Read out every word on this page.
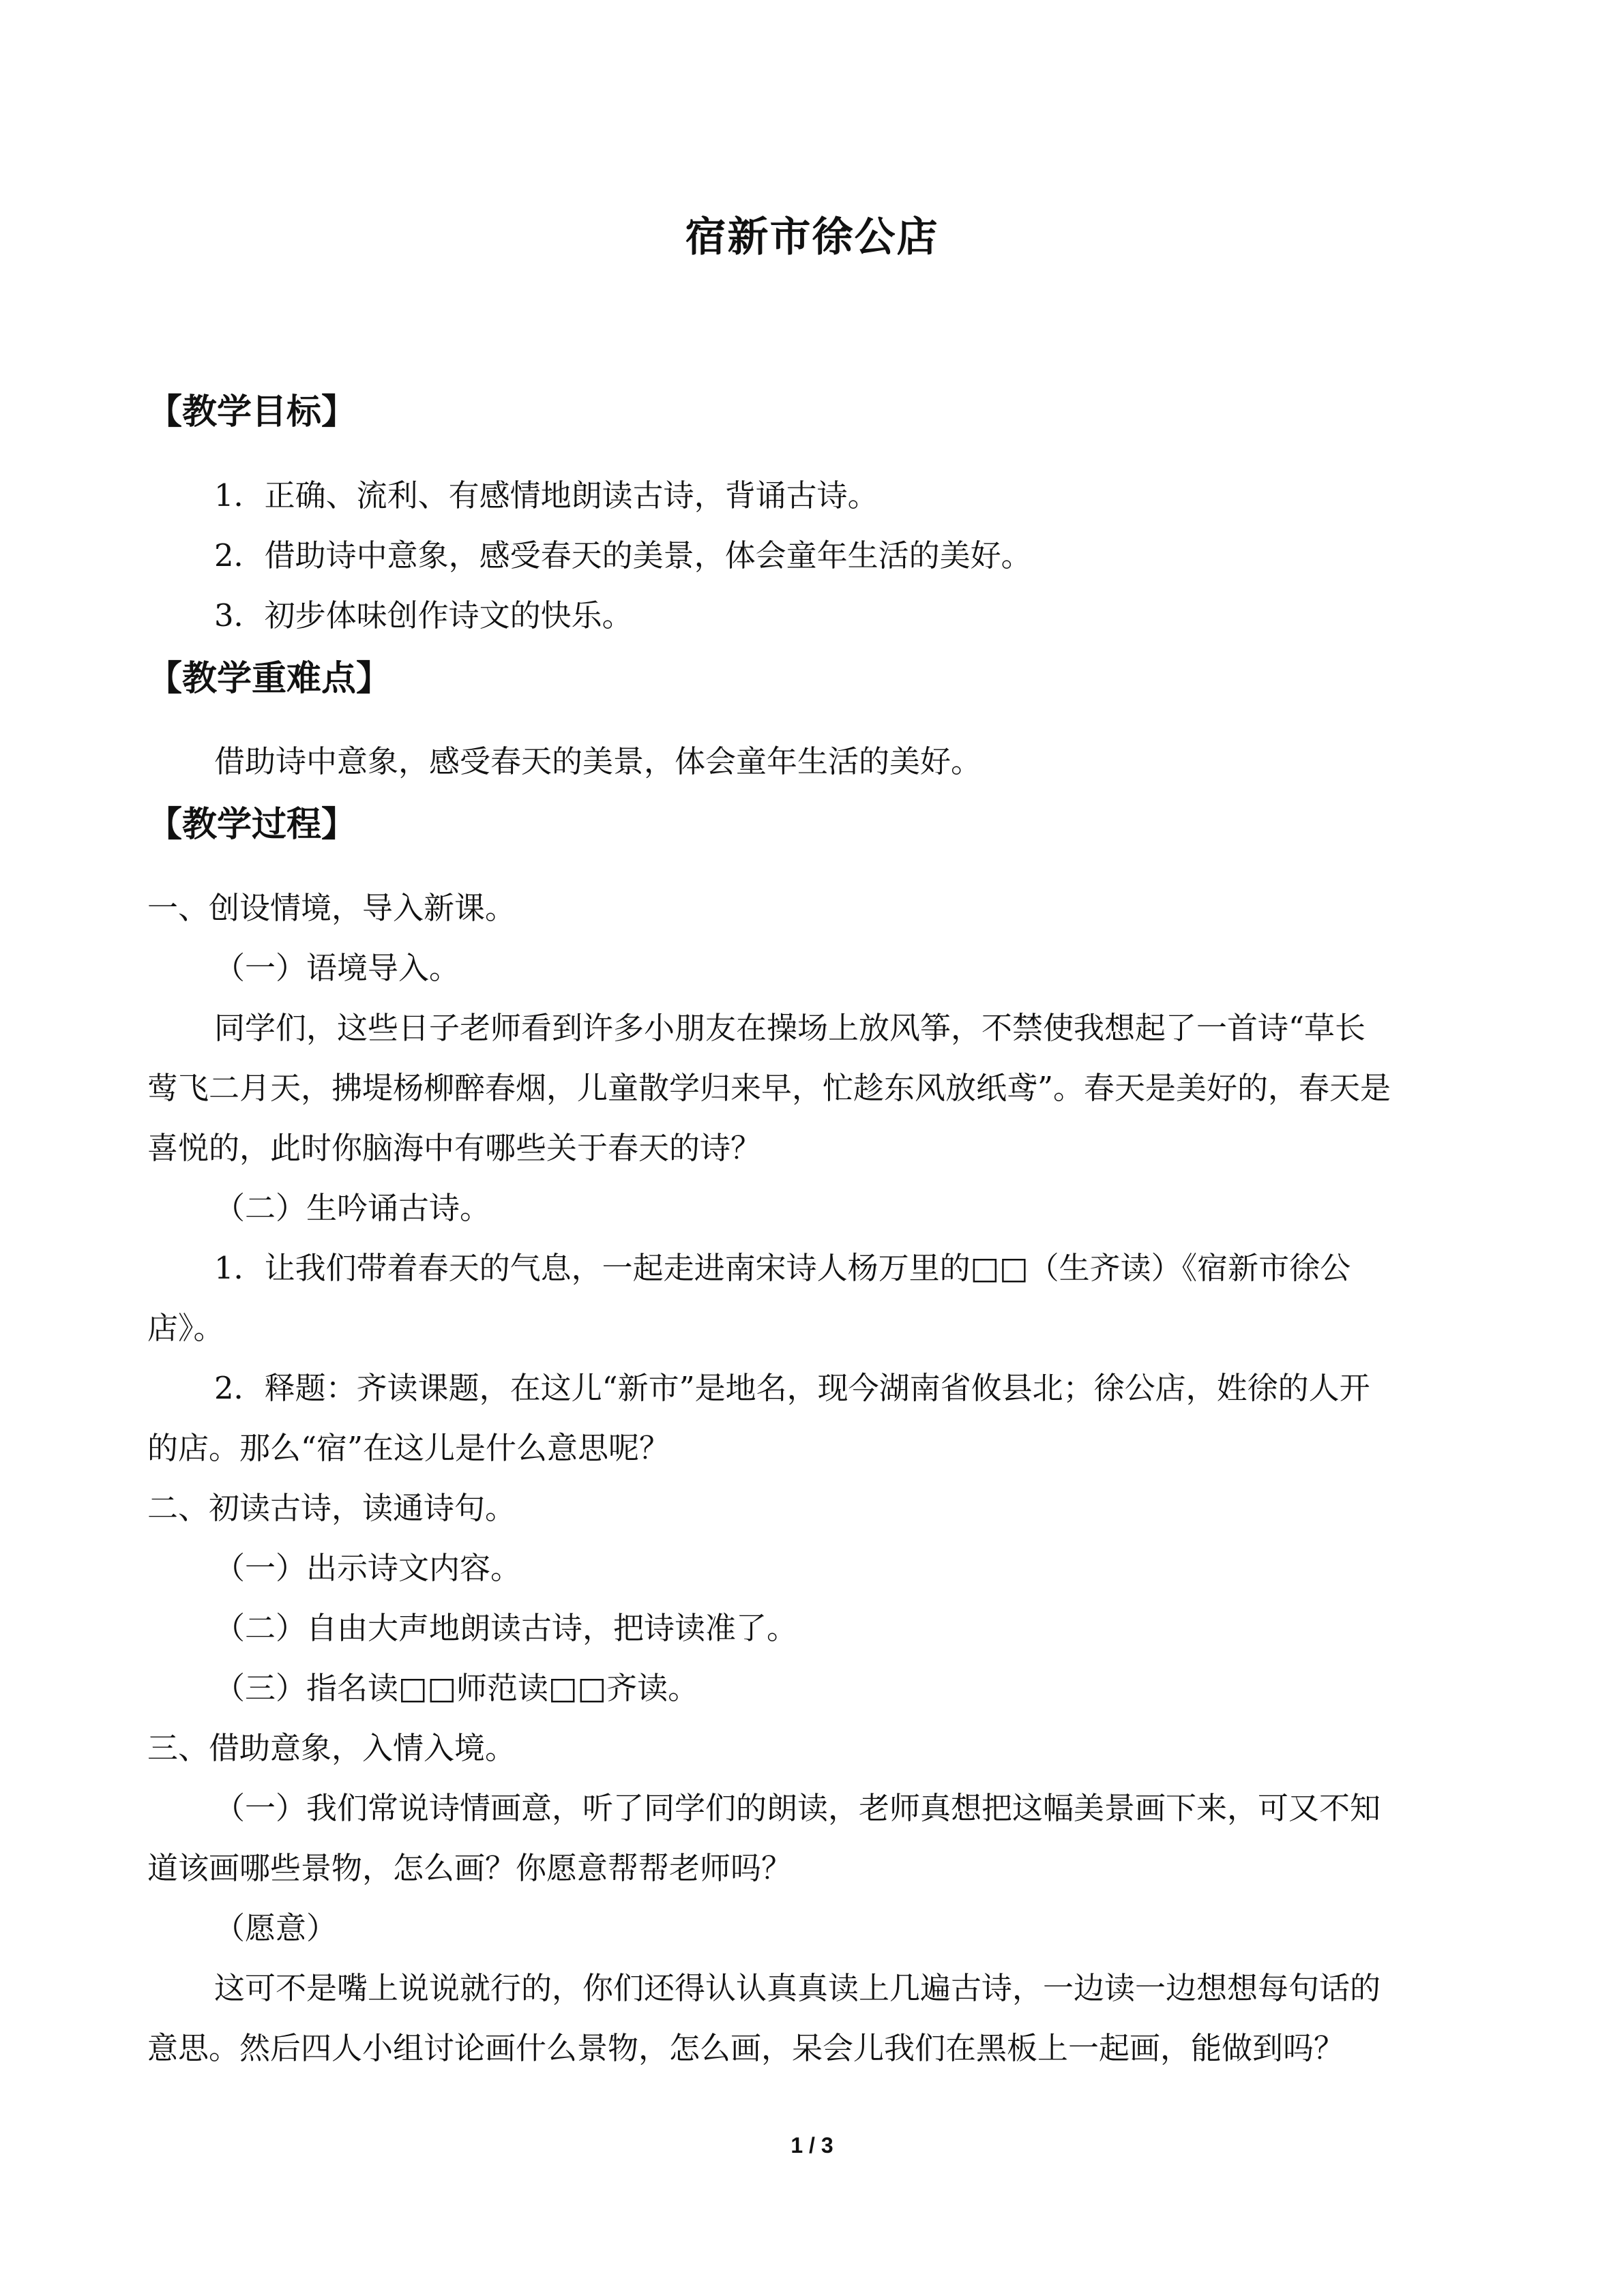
宿新市徐公店
【教学目标】
1．正确、流利、有感情地朗读古诗，背诵古诗。
2．借助诗中意象，感受春天的美景，体会童年生活的美好。
3．初步体味创作诗文的快乐。
【教学重难点】
借助诗中意象，感受春天的美景，体会童年生活的美好。
【教学过程】
一、创设情境，导入新课。
（一）语境导入。
同学们，这些日子老师看到许多小朋友在操场上放风筝，不禁使我想起了一首诗“草长
莺飞二月天，拂堤杨柳醉春烟，儿童散学归来早，忙趁东风放纸鸢”。春天是美好的，春天是
喜悦的，此时你脑海中有哪些关于春天的诗？
（二）生吟诵古诗。
1．让我们带着春天的气息，一起走进南宋诗人杨万里的□□（生齐读）《宿新市徐公
店》。
2．释题：齐读课题，在这儿“新市”是地名，现今湖南省攸县北；徐公店，姓徐的人开
的店。那么“宿”在这儿是什么意思呢？
二、初读古诗，读通诗句。
（一）出示诗文内容。
（二）自由大声地朗读古诗，把诗读准了。
（三）指名读□□师范读□□齐读。
三、借助意象，入情入境。
（一）我们常说诗情画意，听了同学们的朗读，老师真想把这幅美景画下来，可又不知
道该画哪些景物，怎么画？你愿意帮帮老师吗？
（愿意）
这可不是嘴上说说就行的，你们还得认认真真读上几遍古诗，一边读一边想想每句话的
意思。然后四人小组讨论画什么景物，怎么画，呆会儿我们在黑板上一起画，能做到吗？
1 / 3
